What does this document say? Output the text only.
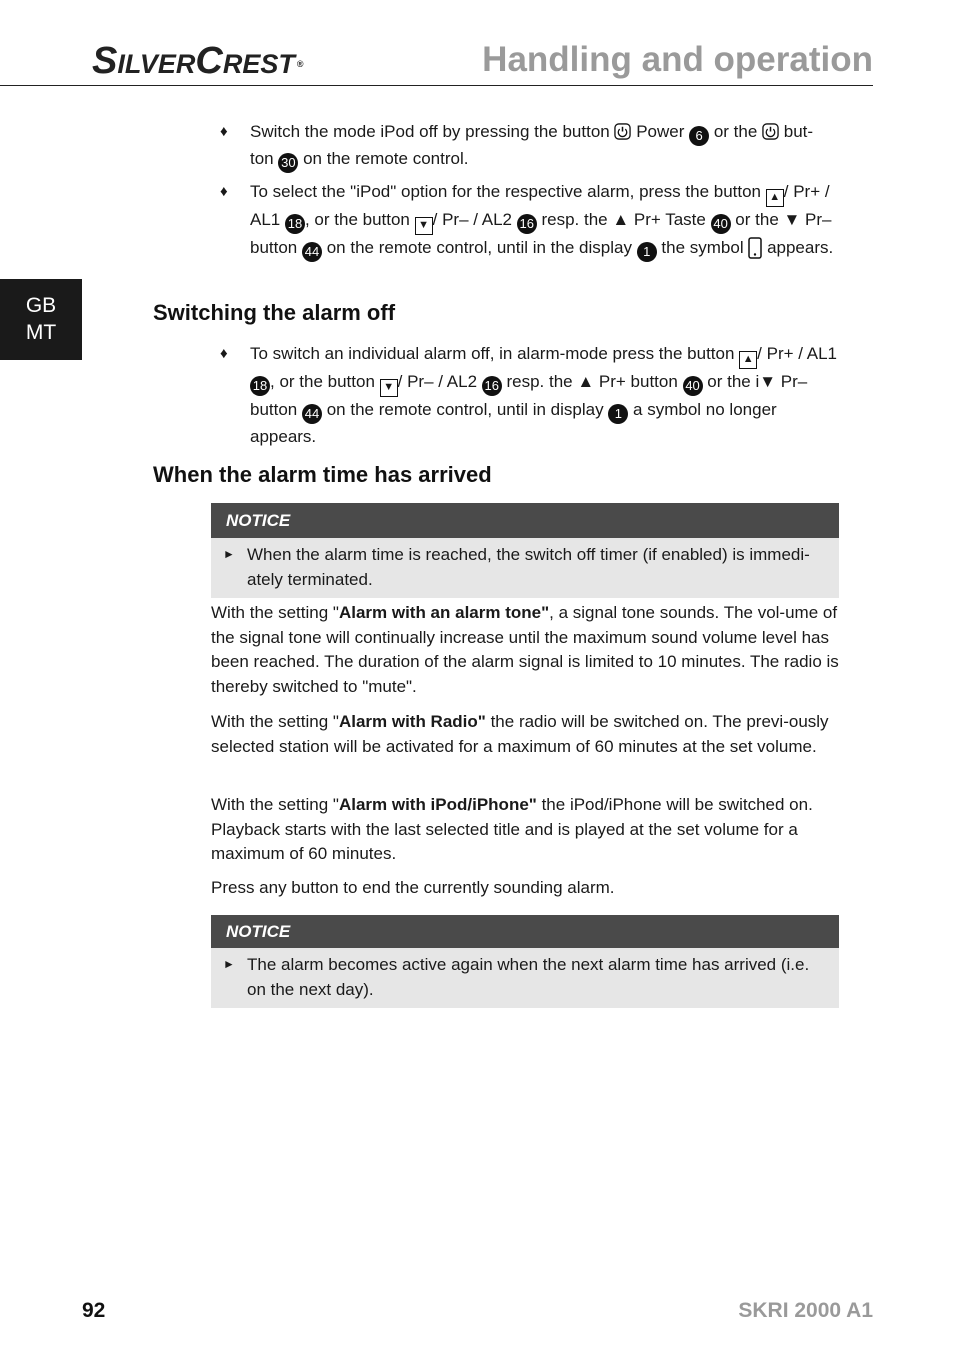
SILVERCREST ®	Handling and operation
GB
MT
♦ Switch the mode iPod off by pressing the button  Power 6 or the  but-
ton 30 on the remote control.
♦ To select the "iPod" option for the respective alarm, press the button ▲ / Pr+ / AL1 18 , or the button ▼ / Pr– / AL2 16 resp. the ▲ Pr+ Taste 40 or the ▼ Pr– button 44 on the remote control, until in the display 1 the symbol  appears.
Switching the alarm off
♦ To switch an individual alarm off, in alarm-mode press the button ▲ / Pr+ / AL1 18 , or the button ▼ / Pr– / AL2 16 resp. the ▲ Pr+ button 40 or the i▼ Pr– button 44 on the remote control, until in display 1 a symbol no longer appears.
When the alarm time has arrived
NOTICE
► When the alarm time is reached, the switch off timer (if enabled) is immedi-ately terminated.
With the setting "Alarm with an alarm tone", a signal tone sounds. The vol-ume of the signal tone will continually increase until the maximum sound volume level has been reached. The duration of the alarm signal is limited to 10 minutes. The radio is thereby switched to "mute".
With the setting "Alarm with Radio" the radio will be switched on. The previ-ously selected station will be activated for a maximum of 60 minutes at the set volume.
With the setting "Alarm with iPod/iPhone" the iPod/iPhone will be switched on. Playback starts with the last selected title and is played at the set volume for a maximum of 60 minutes.
Press any button to end the currently sounding alarm.
NOTICE
► The alarm becomes active again when the next alarm time has arrived (i.e. on the next day).
92	SKRI 2000 A1
